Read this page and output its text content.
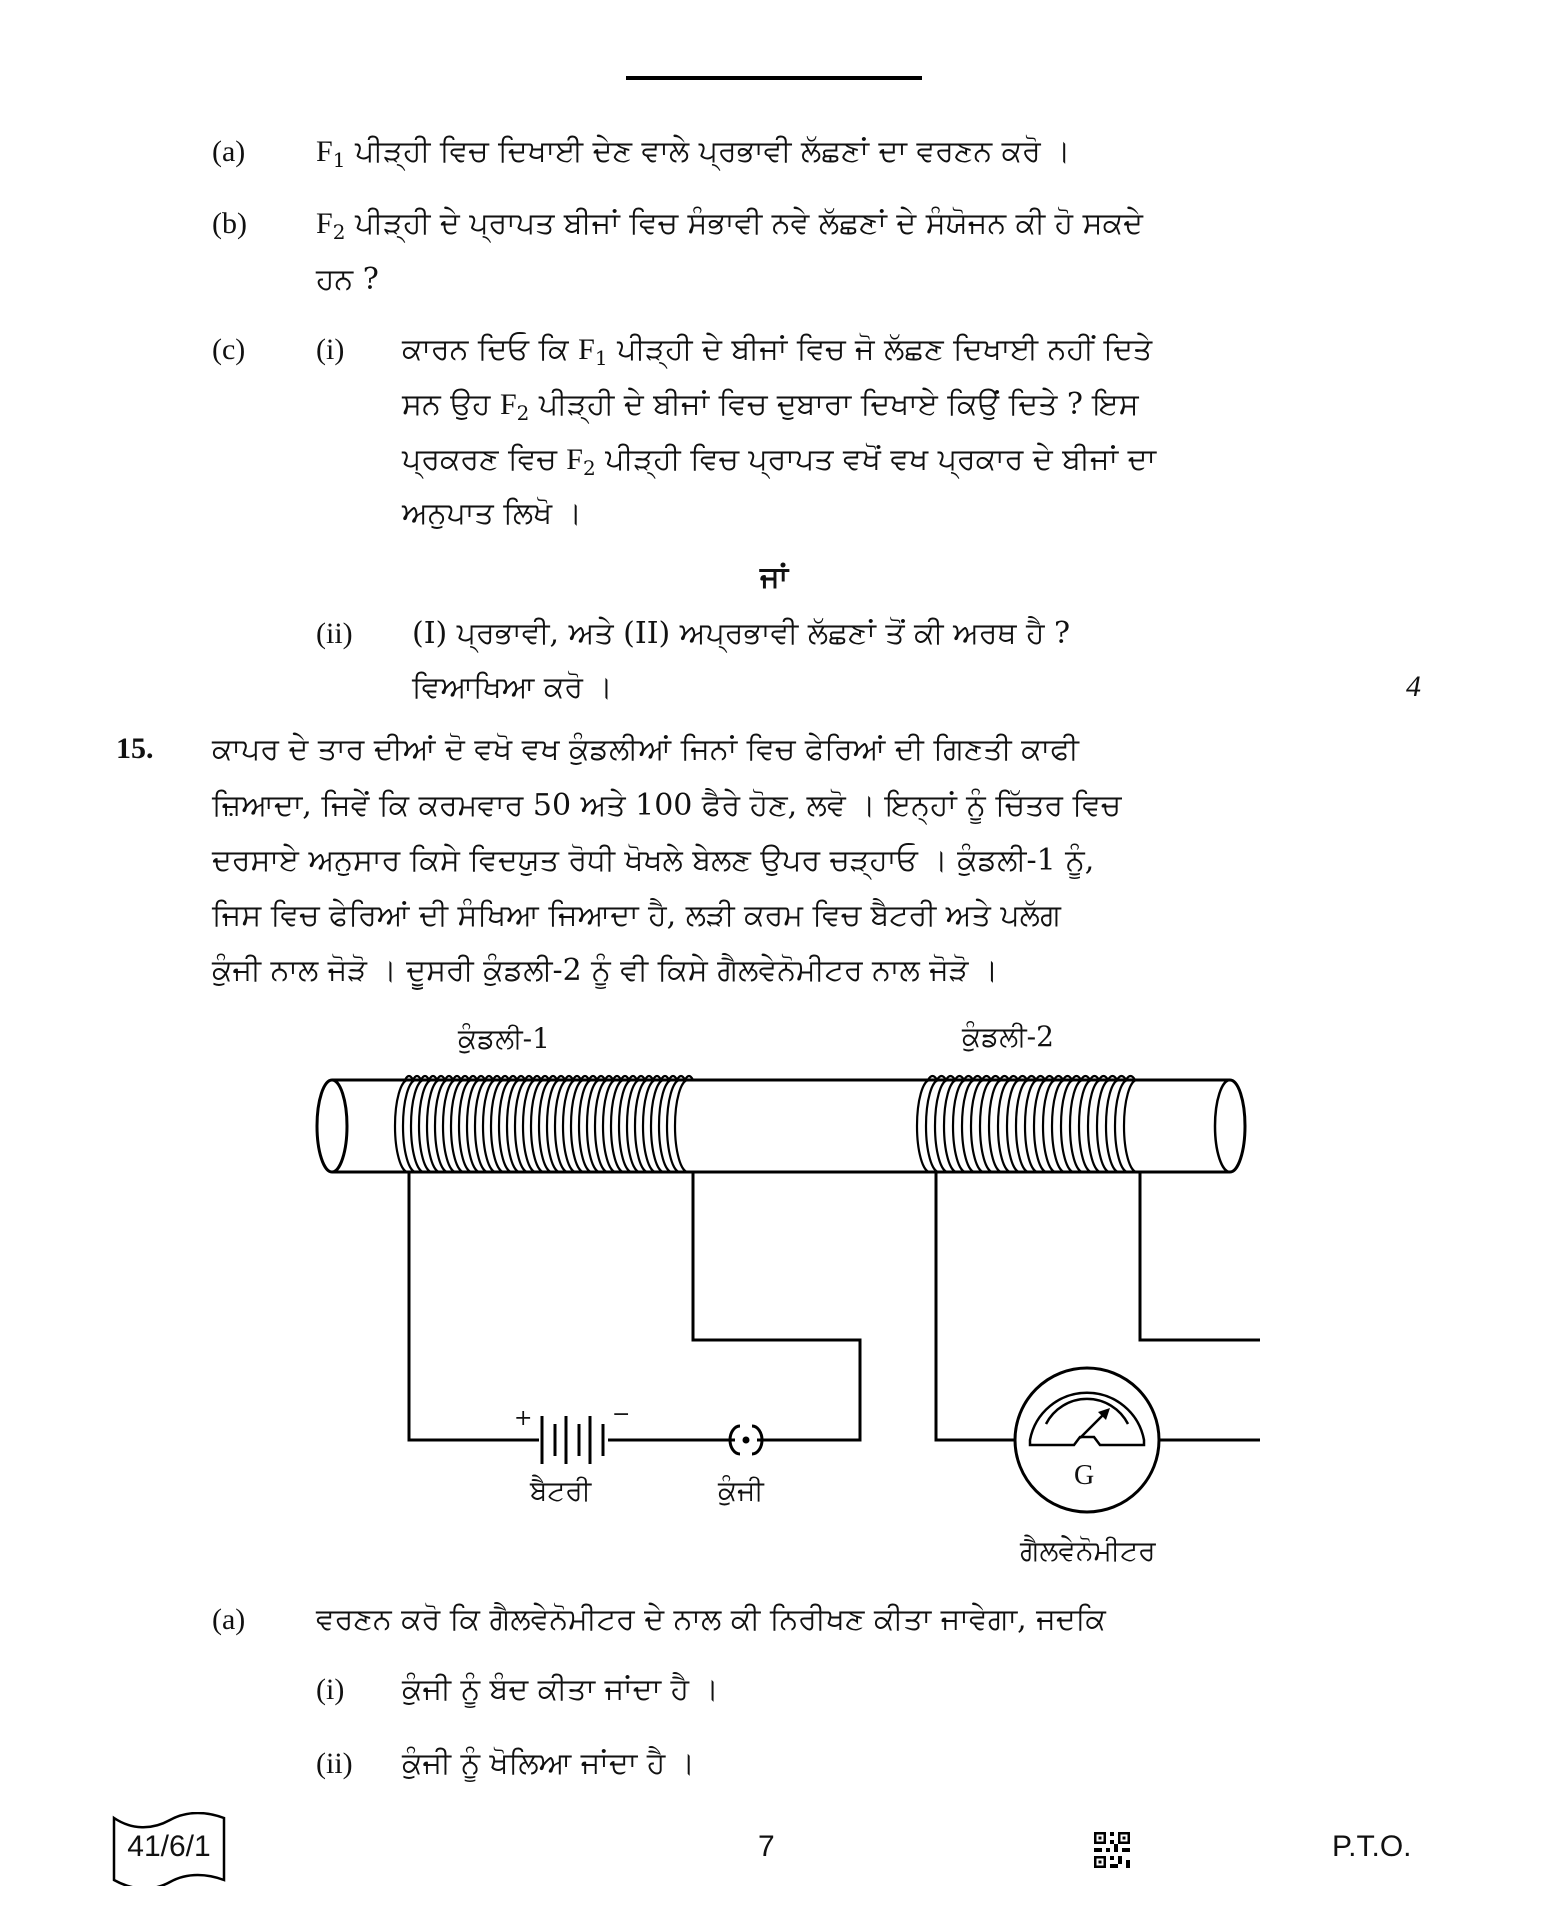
(a) $F_1$ ਪੀੜ੍ਹੀ ਵਿਚ ਦਿਖਾਈ ਦੇਣ ਵਾਲੇ ਪ੍ਰਭਾਵੀ ਲੱਛਣਾਂ ਦਾ ਵਰਣਨ ਕਰੋ ।
(b) $F_2$ ਪੀੜ੍ਹੀ ਦੇ ਪ੍ਰਾਪਤ ਬੀਜਾਂ ਵਿਚ ਸੰਭਾਵੀ ਨਵੇ ਲੱਛਣਾਂ ਦੇ ਸੰਯੋਜਨ ਕੀ ਹੋ ਸਕਦੇ
ਹਨ ?
(c) (i) ਕਾਰਨ ਦਿਓ ਕਿ $F_1$ ਪੀੜ੍ਹੀ ਦੇ ਬੀਜਾਂ ਵਿਚ ਜੋ ਲੱਛਣ ਦਿਖਾਈ ਨਹੀਂ ਦਿਤੇ
ਸਨ ਉਹ $F_2$ ਪੀੜ੍ਹੀ ਦੇ ਬੀਜਾਂ ਵਿਚ ਦੁਬਾਰਾ ਦਿਖਾਏ ਕਿਉਂ ਦਿਤੇ ? ਇਸ
ਪ੍ਰਕਰਣ ਵਿਚ $F_2$ ਪੀੜ੍ਹੀ ਵਿਚ ਪ੍ਰਾਪਤ ਵਖੋਂ ਵਖ ਪ੍ਰਕਾਰ ਦੇ ਬੀਜਾਂ ਦਾ
ਅਨੁਪਾਤ ਲਿਖੋ ।
ਜਾਂ
(ii) (I) ਪ੍ਰਭਾਵੀ, ਅਤੇ (II) ਅਪ੍ਰਭਾਵੀ ਲੱਛਣਾਂ ਤੋਂ ਕੀ ਅਰਥ ਹੈ ?
ਵਿਆਖਿਆ ਕਰੋ ।	4
15. ਕਾਪਰ ਦੇ ਤਾਰ ਦੀਆਂ ਦੋ ਵਖੋ ਵਖ ਕੁੰਡਲੀਆਂ ਜਿਨਾਂ ਵਿਚ ਫੇਰਿਆਂ ਦੀ ਗਿਣਤੀ ਕਾਫੀ
ਜ਼ਿਆਦਾ, ਜਿਵੇਂ ਕਿ ਕਰਮਵਾਰ 50 ਅਤੇ 100 ਫੈਰੇ ਹੋਣ, ਲਵੋ । ਇਨ੍ਹਾਂ ਨੂੰ ਚਿੱਤਰ ਵਿਚ
ਦਰਸਾਏ ਅਨੁਸਾਰ ਕਿਸੇ ਵਿਦਯੁਤ ਰੋਧੀ ਖੋਖਲੇ ਬੇਲਣ ਉਪਰ ਚੜ੍ਹਾਓ । ਕੁੰਡਲੀ-1 ਨੂੰ,
ਜਿਸ ਵਿਚ ਫੇਰਿਆਂ ਦੀ ਸੰਖਿਆ ਜਿਆਦਾ ਹੈ, ਲੜੀ ਕਰਮ ਵਿਚ ਬੈਟਰੀ ਅਤੇ ਪਲੱਗ
ਕੁੰਜੀ ਨਾਲ ਜੋੜੋ । ਦੂਸਰੀ ਕੁੰਡਲੀ-2 ਨੂੰ ਵੀ ਕਿਸੇ ਗੈਲਵੇਨੋਮੀਟਰ ਨਾਲ ਜੋੜੋ ।
ਕੁੰਡਲੀ-1	ਕੁੰਡਲੀ-2
+	−
ਬੈਟਰੀ	ਕੁੰਜੀ	G
ਗੈਲਵੇਨੋਮੀਟਰ
(a) ਵਰਣਨ ਕਰੋ ਕਿ ਗੈਲਵੇਨੋਮੀਟਰ ਦੇ ਨਾਲ ਕੀ ਨਿਰੀਖਣ ਕੀਤਾ ਜਾਵੇਗਾ, ਜਦਕਿ
(i) ਕੁੰਜੀ ਨੂੰ ਬੰਦ ਕੀਤਾ ਜਾਂਦਾ ਹੈ ।
(ii) ਕੁੰਜੀ ਨੂੰ ਖੋਲਿਆ ਜਾਂਦਾ ਹੈ ।
41/6/1	7	P.T.O.
